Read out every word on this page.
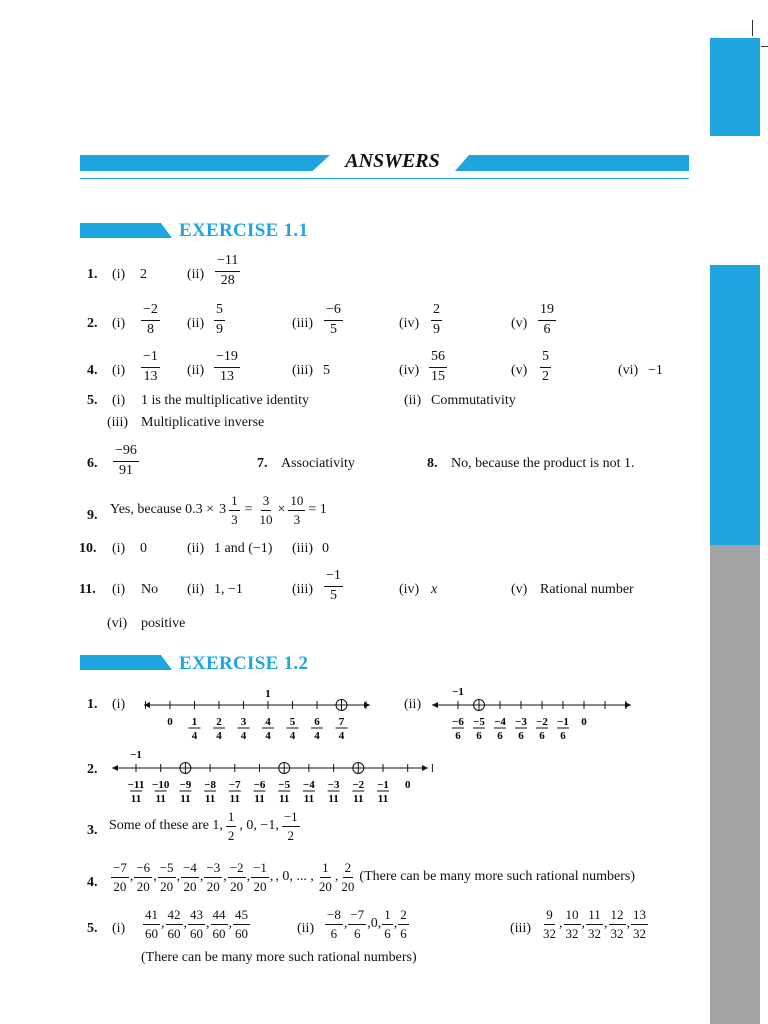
ANSWERS
EXERCISE 1.1
1. (i) 2	$(ii) \frac{-11}{28}$
2. $(i) \frac{-2}{8} (ii) \frac{5}{9}$	$(iii) \frac{-6}{5}$	$(iv) \frac{2}{9}$	$(v) \frac{19}{6}$
4. $(i) \frac{-1}{13} (ii) \frac{-19}{13}$	(iii) 5	$(iv) \frac{56}{15}$	$(v) \frac{5}{2}$	(vi) −1
5. (i) 1 is the multiplicative identity	(ii) Commutativity
(iii) Multiplicative inverse
6. $\frac{-96}{91}$	7. Associativity	8. No, because the product is not 1.
9. Yes, because $0.3 \times 3 \frac{1}{3} = \frac{3}{10} \times \frac{10}{3} = 1$
10. (i) 0	(ii) 1 and (−1) (iii) 0
11. (i) No (ii) 1, −1	$(iii) \frac{-1}{5}$	(iv) x	(v) Rational number
(vi) positive
EXERCISE 1.2
1. (i)	(ii)
1
0 1
4
2
4
3
4
4
4
5
4
6
4
7
4
−1
−6
6
−5
6
−4
6
−3
6
−2
6
−1
6
0
2.
−1
−11
11
−10
11
−9
11
−8
11
−7
11
−6
11
−5
11
−4
11
−3
11
−2
11
−1
11
0
3. Some of these are 1, $\frac{1}{2}$ , 0, −1, $\frac{-1}{2}$
4. $\frac{-7}{20}$ , $\frac{-6}{20}$ , $\frac{-5}{20}$ , $\frac{-4}{20}$ , $\frac{-3}{20}$ , $\frac{-2}{20}$ , $\frac{-1}{20}$ , , 0, ... , $\frac{1}{20}$ , $\frac{2}{20}$ (There can be many more such rational numbers)
5. $(i) \frac{41}{60}$ , $\frac{42}{60}$ , $\frac{43}{60}$ , $\frac{44}{60}$ , $\frac{45}{60}$	$(ii) \frac{-8}{6}$ , $\frac{-7}{6}$ , 0 , $\frac{1}{6}$ , $\frac{2}{6}$	$(iii) \frac{9}{32}$ , $\frac{10}{32}$ , $\frac{11}{32}$ , $\frac{12}{32}$ , $\frac{13}{32}$
(There can be many more such rational numbers)
